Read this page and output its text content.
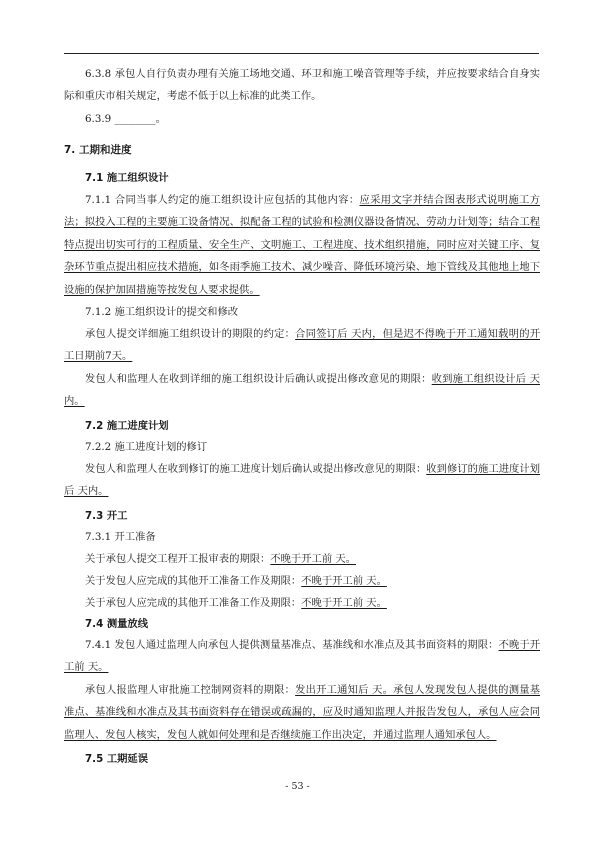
6.3.8 承包人自行负责办理有关施工场地交通、环卫和施工噪音管理等手续，并应按要求结合自身实际和重庆市相关规定，考虑不低于以上标准的此类工作。

6.3.9 ________。

7. 工期和进度

7.1 施工组织设计

7.1.1 合同当事人约定的施工组织设计应包括的其他内容：应采用文字并结合图表形式说明施工方法；拟投入工程的主要施工设备情况、拟配备工程的试验和检测仪器设备情况、劳动力计划等；结合工程特点提出切实可行的工程质量、安全生产、文明施工、工程进度、技术组织措施，同时应对关键工序、复杂环节重点提出相应技术措施，如冬雨季施工技术、减少噪音、降低环境污染、地下管线及其他地上地下设施的保护加固措施等按发包人要求提供。

7.1.2 施工组织设计的提交和修改

承包人提交详细施工组织设计的期限的约定：合同签订后 天内，但是迟不得晚于开工通知载明的开工日期前7天。

发包人和监理人在收到详细的施工组织设计后确认或提出修改意见的期限：收到施工组织设计后 天内。

7.2 施工进度计划

7.2.2 施工进度计划的修订

发包人和监理人在收到修订的施工进度计划后确认或提出修改意见的期限：收到修订的施工进度计划后 天内。

7.3 开工

7.3.1 开工准备

关于承包人提交工程开工报审表的期限：不晚于开工前 天。

关于发包人应完成的其他开工准备工作及期限：不晚于开工前 天。

关于承包人应完成的其他开工准备工作及期限：不晚于开工前 天。

7.4 测量放线

7.4.1 发包人通过监理人向承包人提供测量基准点、基准线和水准点及其书面资料的期限：不晚于开工前 天。

承包人报监理人审批施工控制网资料的期限：发出开工通知后 天。承包人发现发包人提供的测量基准点、基准线和水准点及其书面资料存在错误或疏漏的，应及时通知监理人并报告发包人，承包人应会同监理人、发包人核实，发包人就如何处理和是否继续施工作出决定，并通过监理人通知承包人。

7.5 工期延误

- 53 -
